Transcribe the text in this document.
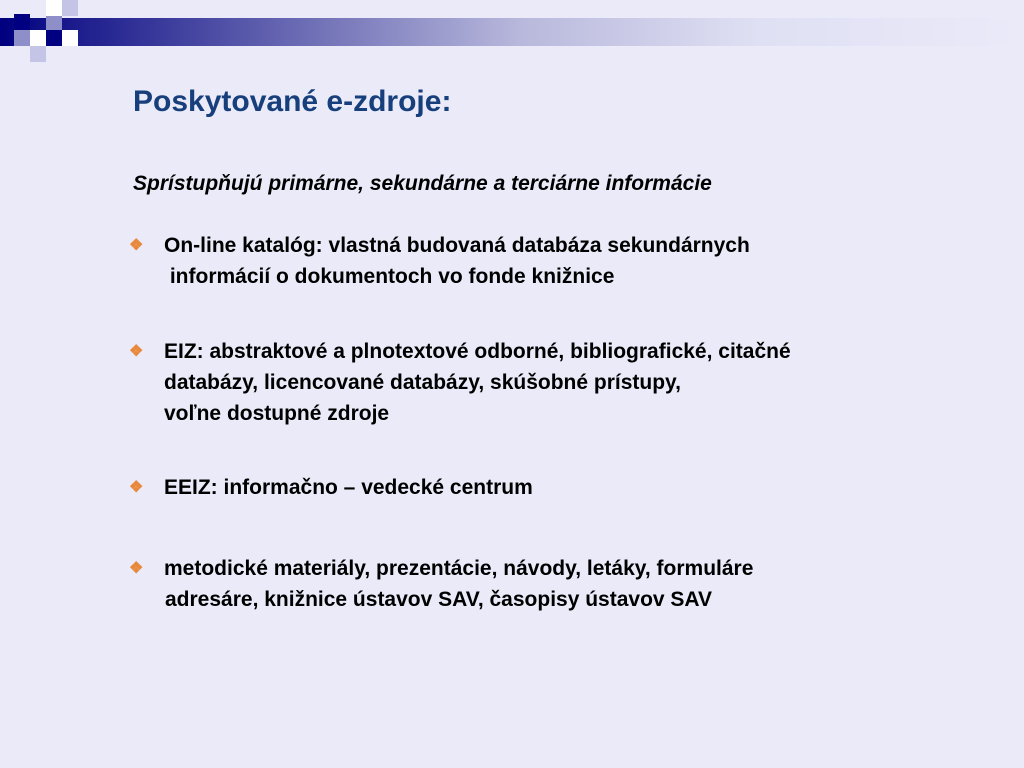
Poskytované e-zdroje:
Sprístupňujú primárne, sekundárne a terciárne informácie
❖ On-line katalóg: vlastná budovaná databáza sekundárnych
informácií o dokumentoch vo fonde knižnice
❖ EIZ: abstraktové a plnotextové odborné, bibliografické, citačné
databázy, licencované databázy, skúšobné prístupy,
voľne dostupné zdroje
❖ EEIZ: informačno – vedecké centrum
❖ metodické materiály, prezentácie, návody, letáky, formuláre
adresáre, knižnice ústavov SAV, časopisy ústavov SAV
